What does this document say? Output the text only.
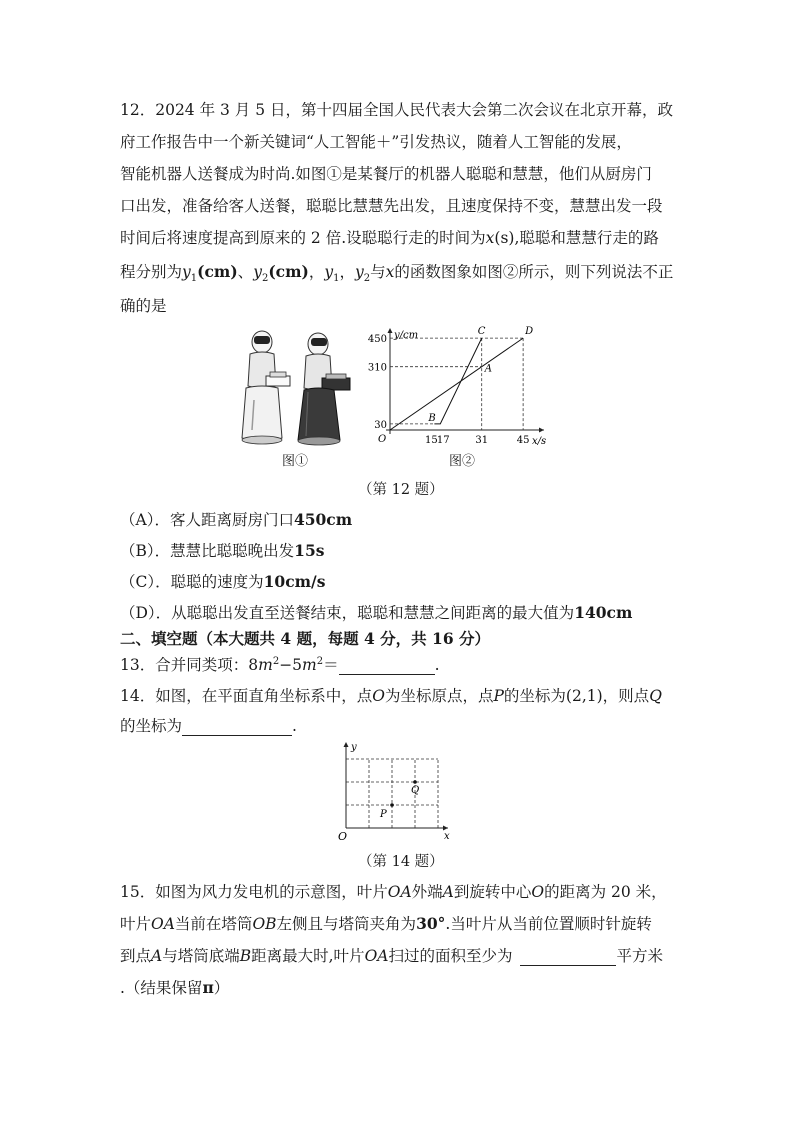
12．2024 年 3 月 5 日，第十四届全国人民代表大会第二次会议在北京开幕，政
府工作报告中一个新关键词“人工智能＋”引发热议，随着人工智能的发展，
智能机器人送餐成为时尚.如图①是某餐厅的机器人聪聪和慧慧，他们从厨房门
口出发，准备给客人送餐，聪聪比慧慧先出发，且速度保持不变，慧慧出发一段
时间后将速度提高到原来的 2 倍.设聪聪行走的时间为x(s),聪聪和慧慧行走的路
程分别为$y_1(cm)$、$y_2(cm)$，$y_1$，$y_2$与x的函数图象如图②所示，则下列说法不正
确的是
图①
y/cm
x/s
O
30
310
450
15 17	31	45
B
A
C	D
图②
（第 12 题）
（A）．客人距离厨房门口450cm
（B）．慧慧比聪聪晚出发15s
（C）．聪聪的速度为10cm/s
（D）．从聪聪出发直至送餐结束，聪聪和慧慧之间距离的最大值为140cm
二、填空题（本大题共 4 题，每题 4 分，共 16 分）
13．合并同类项：$8m^2-5m^2=$	.
14．如图，在平面直角坐标系中，点O为坐标原点，点P的坐标为(2,1)，则点Q
的坐标为	.
y
x
O
P
Q
（第 14 题）
15．如图为风力发电机的示意图，叶片OA外端A到旋转中心O的距离为 20 米，
叶片OA当前在塔筒OB左侧且与塔筒夹角为30°.当叶片从当前位置顺时针旋转
到点A与塔筒底端B距离最大时,叶片OA扫过的面积至少为	平方米
.（结果保留π）
